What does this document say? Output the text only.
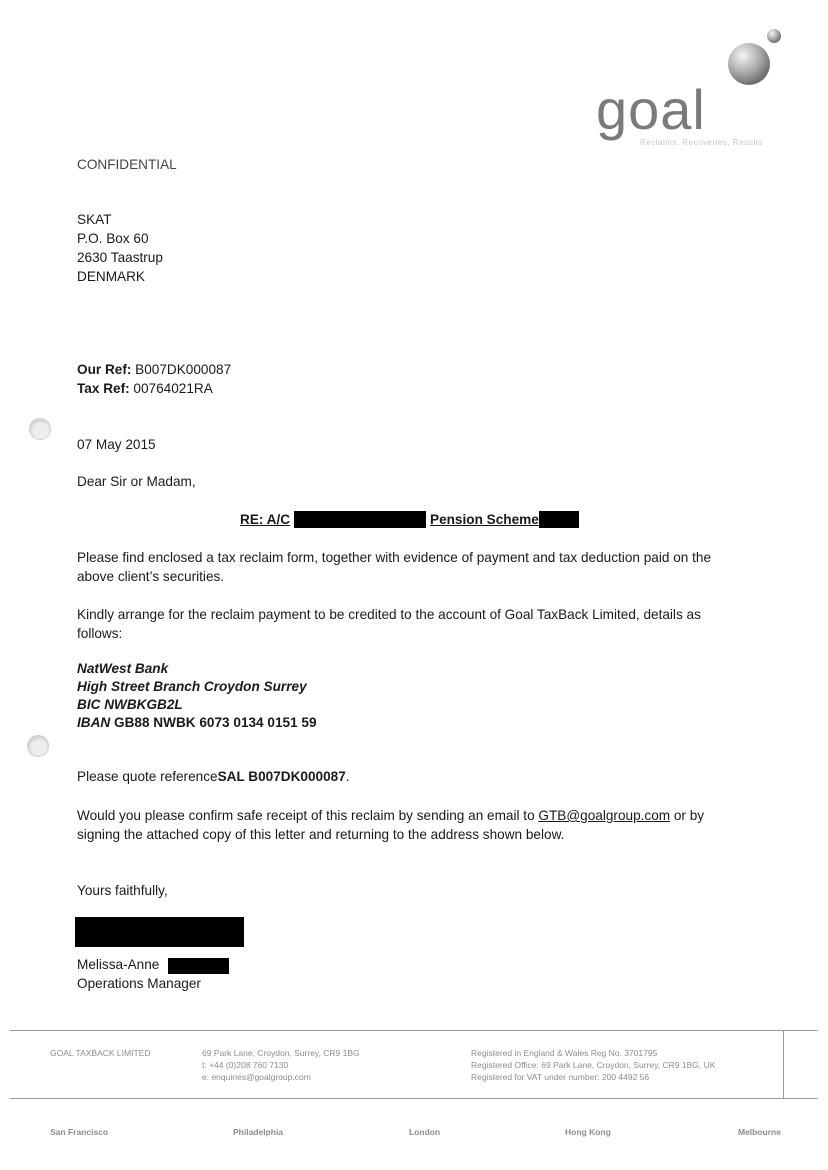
goal
Reclaims, Recoveries, Results
CONFIDENTIAL
SKAT
P.O. Box 60
2630 Taastrup
DENMARK
Our Ref: B007DK000087
Tax Ref: 00764021RA
07 May 2015
Dear Sir or Madam,
RE: A/C	Pension Scheme
Please find enclosed a tax reclaim form, together with evidence of payment and tax deduction paid on the
above client’s securities.
Kindly arrange for the reclaim payment to be credited to the account of Goal TaxBack Limited, details as
follows:
NatWest Bank
High Street Branch Croydon Surrey
BIC NWBKGB2L
IBAN GB88 NWBK 6073 0134 0151 59
Please quote referenceSAL B007DK000087.
Would you please confirm safe receipt of this reclaim by sending an email to GTB@goalgroup.com or by
signing the attached copy of this letter and returning to the address shown below.
Yours faithfully,
Melissa-Anne
Operations Manager
GOAL TAXBACK LIMITED	69 Park Lane, Croydon, Surrey, CR9 1BG
t: +44 (0)208 760 7130
e: enquiries@goalgroup.com
Registered in England & Wales Reg No. 3701795
Registered Office: 69 Park Lane, Croydon, Surrey, CR9 1BG, UK
Registered for VAT under number: 200 4492 56
San Francisco	Philadelphia	London	Hong Kong	Melbourne
